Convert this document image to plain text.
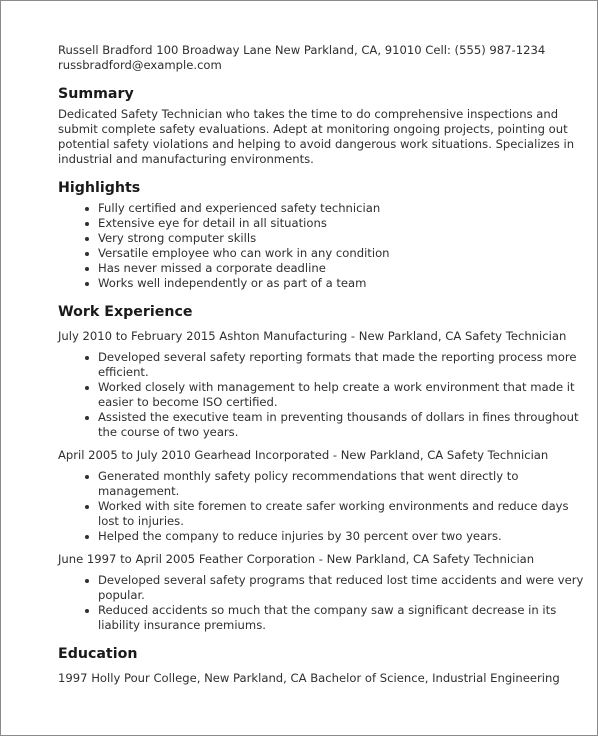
Russell Bradford 100 Broadway Lane New Parkland, CA, 91010 Cell: (555) 987-1234
russbradford@example.com
Summary
Dedicated Safety Technician who takes the time to do comprehensive inspections and submit complete safety evaluations. Adept at monitoring ongoing projects, pointing out potential safety violations and helping to avoid dangerous work situations. Specializes in industrial and manufacturing environments.
Highlights
Fully certified and experienced safety technician
Extensive eye for detail in all situations
Very strong computer skills
Versatile employee who can work in any condition
Has never missed a corporate deadline
Works well independently or as part of a team
Work Experience
July 2010 to February 2015 Ashton Manufacturing - New Parkland, CA Safety Technician
Developed several safety reporting formats that made the reporting process more efficient.
Worked closely with management to help create a work environment that made it easier to become ISO certified.
Assisted the executive team in preventing thousands of dollars in fines throughout the course of two years.
April 2005 to July 2010 Gearhead Incorporated - New Parkland, CA Safety Technician
Generated monthly safety policy recommendations that went directly to management.
Worked with site foremen to create safer working environments and reduce days lost to injuries.
Helped the company to reduce injuries by 30 percent over two years.
June 1997 to April 2005 Feather Corporation - New Parkland, CA Safety Technician
Developed several safety programs that reduced lost time accidents and were very popular.
Reduced accidents so much that the company saw a significant decrease in its liability insurance premiums.
Education
1997 Holly Pour College, New Parkland, CA Bachelor of Science, Industrial Engineering
